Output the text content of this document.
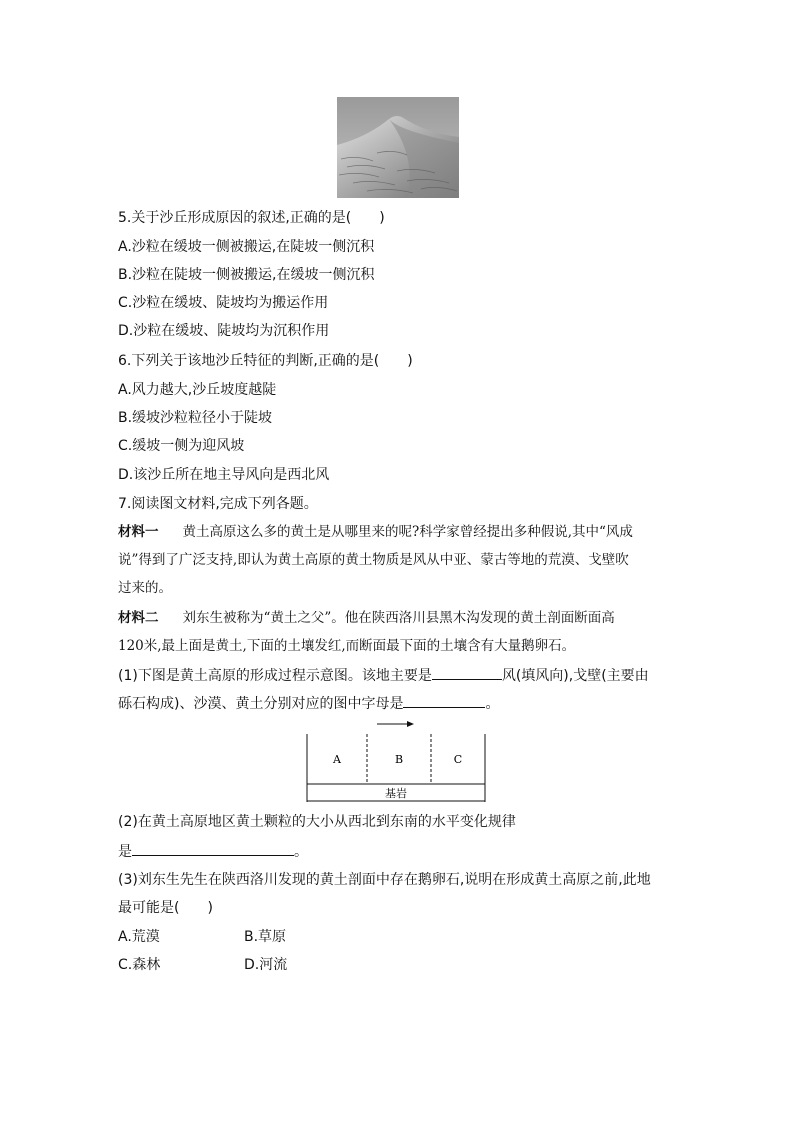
5.关于沙丘形成原因的叙述,正确的是(　　)
A.沙粒在缓坡一侧被搬运,在陡坡一侧沉积
B.沙粒在陡坡一侧被搬运,在缓坡一侧沉积
C.沙粒在缓坡、陡坡均为搬运作用
D.沙粒在缓坡、陡坡均为沉积作用
6.下列关于该地沙丘特征的判断,正确的是(　　)
A.风力越大,沙丘坡度越陡
B.缓坡沙粒粒径小于陡坡
C.缓坡一侧为迎风坡
D.该沙丘所在地主导风向是西北风
7.阅读图文材料,完成下列各题。
材料一 黄土高原这么多的黄土是从哪里来的呢?科学家曾经提出多种假说,其中“风成
说”得到了广泛支持,即认为黄土高原的黄土物质是风从中亚、蒙古等地的荒漠、戈壁吹
过来的。
材料二 刘东生被称为“黄土之父”。他在陕西洛川县黑木沟发现的黄土剖面断面高
120米,最上面是黄土,下面的土壤发红,而断面最下面的土壤含有大量鹅卵石。
(1)下图是黄土高原的形成过程示意图。该地主要是	风(填风向),戈壁(主要由
砾石构成)、沙漠、黄土分别对应的图中字母是	。
A	B	C
基岩
(2)在黄土高原地区黄土颗粒的大小从西北到东南的水平变化规律
是	。
(3)刘东生先生在陕西洛川发现的黄土剖面中存在鹅卵石,说明在形成黄土高原之前,此地
最可能是(　　)
A.荒漠	B.草原
C.森林	D.河流
